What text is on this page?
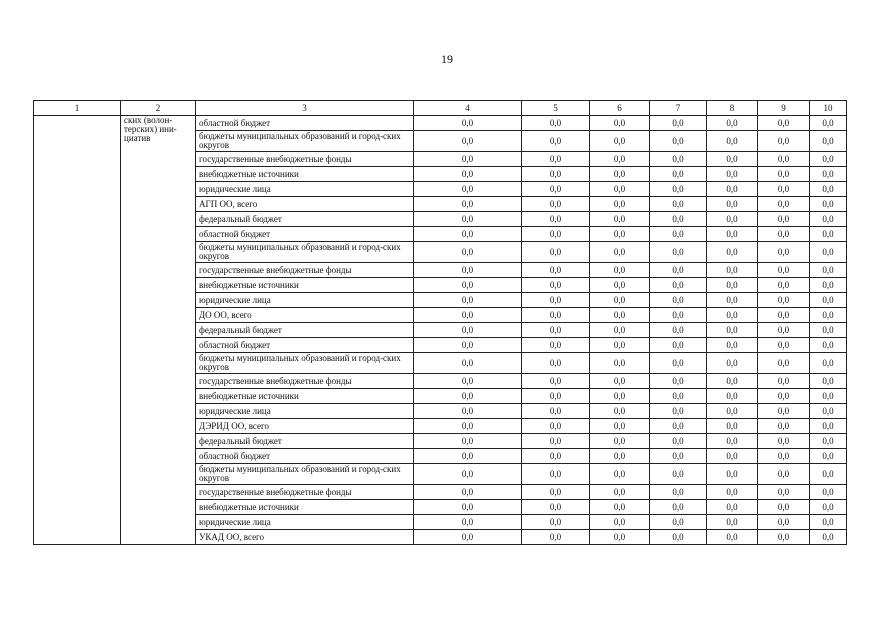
19
1	2	3	4	5	6	7	8	9	10
	ских (волон-терских) ини-циатив	областной бюджет	0,0	0,0	0,0	0,0	0,0	0,0	0,0
		бюджеты муниципальных образований и город-ских округов	0,0	0,0	0,0	0,0	0,0	0,0	0,0
		государственные внебюджетные фонды	0,0	0,0	0,0	0,0	0,0	0,0	0,0
		внебюджетные источники	0,0	0,0	0,0	0,0	0,0	0,0	0,0
		юридические лица	0,0	0,0	0,0	0,0	0,0	0,0	0,0
		АГП ОО, всего	0,0	0,0	0,0	0,0	0,0	0,0	0,0
		федеральный бюджет	0,0	0,0	0,0	0,0	0,0	0,0	0,0
		областной бюджет	0,0	0,0	0,0	0,0	0,0	0,0	0,0
		бюджеты муниципальных образований и город-ских округов	0,0	0,0	0,0	0,0	0,0	0,0	0,0
		государственные внебюджетные фонды	0,0	0,0	0,0	0,0	0,0	0,0	0,0
		внебюджетные источники	0,0	0,0	0,0	0,0	0,0	0,0	0,0
		юридические лица	0,0	0,0	0,0	0,0	0,0	0,0	0,0
		ДО ОО, всего	0,0	0,0	0,0	0,0	0,0	0,0	0,0
		федеральный бюджет	0,0	0,0	0,0	0,0	0,0	0,0	0,0
		областной бюджет	0,0	0,0	0,0	0,0	0,0	0,0	0,0
		бюджеты муниципальных образований и город-ских округов	0,0	0,0	0,0	0,0	0,0	0,0	0,0
		государственные внебюджетные фонды	0,0	0,0	0,0	0,0	0,0	0,0	0,0
		внебюджетные источники	0,0	0,0	0,0	0,0	0,0	0,0	0,0
		юридические лица	0,0	0,0	0,0	0,0	0,0	0,0	0,0
		ДЭРИД ОО, всего	0,0	0,0	0,0	0,0	0,0	0,0	0,0
		федеральный бюджет	0,0	0,0	0,0	0,0	0,0	0,0	0,0
		областной бюджет	0,0	0,0	0,0	0,0	0,0	0,0	0,0
		бюджеты муниципальных образований и город-ских округов	0,0	0,0	0,0	0,0	0,0	0,0	0,0
		государственные внебюджетные фонды	0,0	0,0	0,0	0,0	0,0	0,0	0,0
		внебюджетные источники	0,0	0,0	0,0	0,0	0,0	0,0	0,0
		юридические лица	0,0	0,0	0,0	0,0	0,0	0,0	0,0
		УКАД ОО, всего	0,0	0,0	0,0	0,0	0,0	0,0	0,0
